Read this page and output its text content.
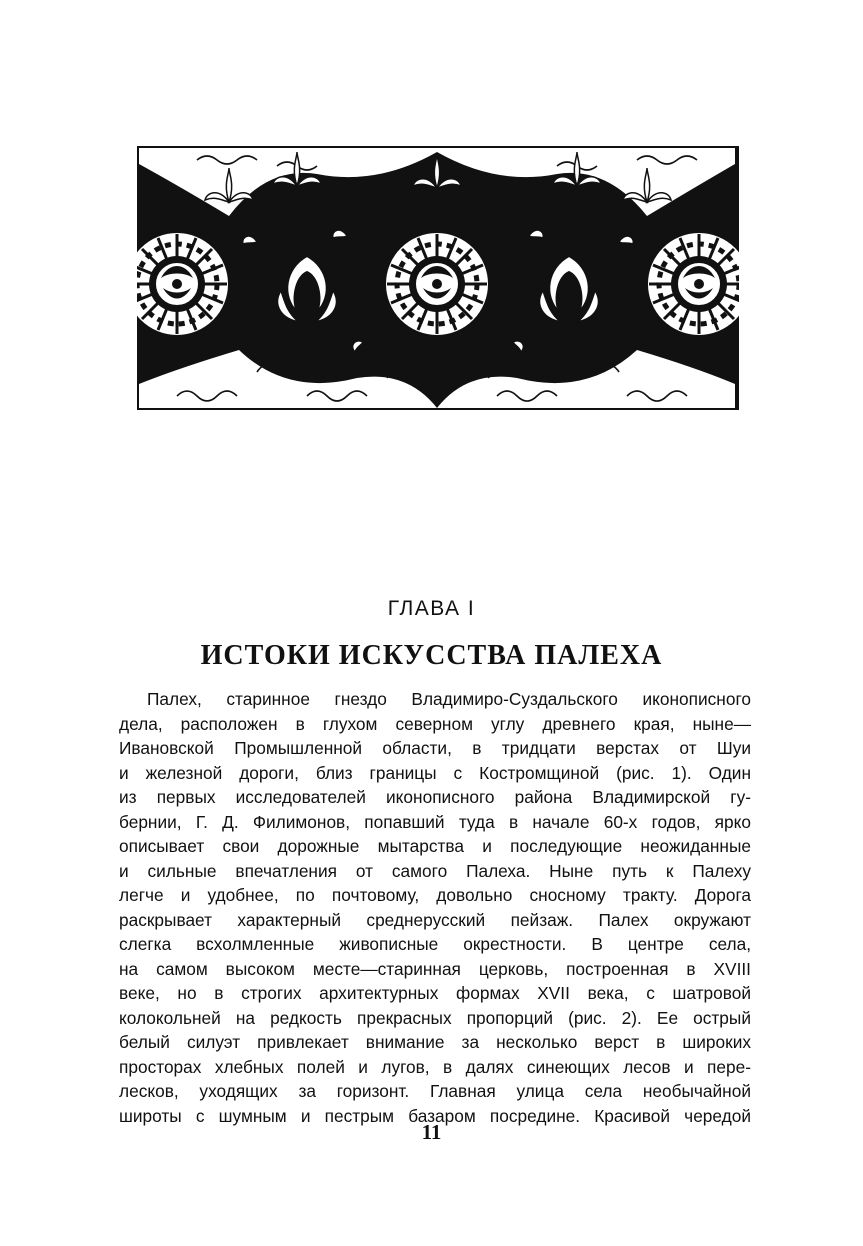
ГЛАВА I
ИСТОКИ ИСКУССТВА ПАЛЕХА
Палех, старинное гнездо Владимиро-Суздальского иконописного
дела, расположен в глухом северном углу древнего края, ныне—
Ивановской Промышленной области, в тридцати верстах от Шуи
и железной дороги, близ границы с Костромщиной (рис. 1). Один
из первых исследователей иконописного района Владимирской гу-
бернии, Г. Д. Филимонов, попавший туда в начале 60-х годов, ярко
описывает свои дорожные мытарства и последующие неожиданные
и сильные впечатления от самого Палеха. Ныне путь к Палеху
легче и удобнее, по почтовому, довольно сносному тракту. Дорога
раскрывает характерный среднерусский пейзаж. Палех окружают
слегка всхолмленные живописные окрестности. В центре села,
на самом высоком месте—старинная церковь, построенная в XVIII
веке, но в строгих архитектурных формах XVII века, с шатровой
колокольней на редкость прекрасных пропорций (рис. 2). Ее острый
белый силуэт привлекает внимание за несколько верст в широких
просторах хлебных полей и лугов, в далях синеющих лесов и пере-
лесков, уходящих за горизонт. Главная улица села необычайной
широты с шумным и пестрым базаром посредине. Красивой чередой
11
